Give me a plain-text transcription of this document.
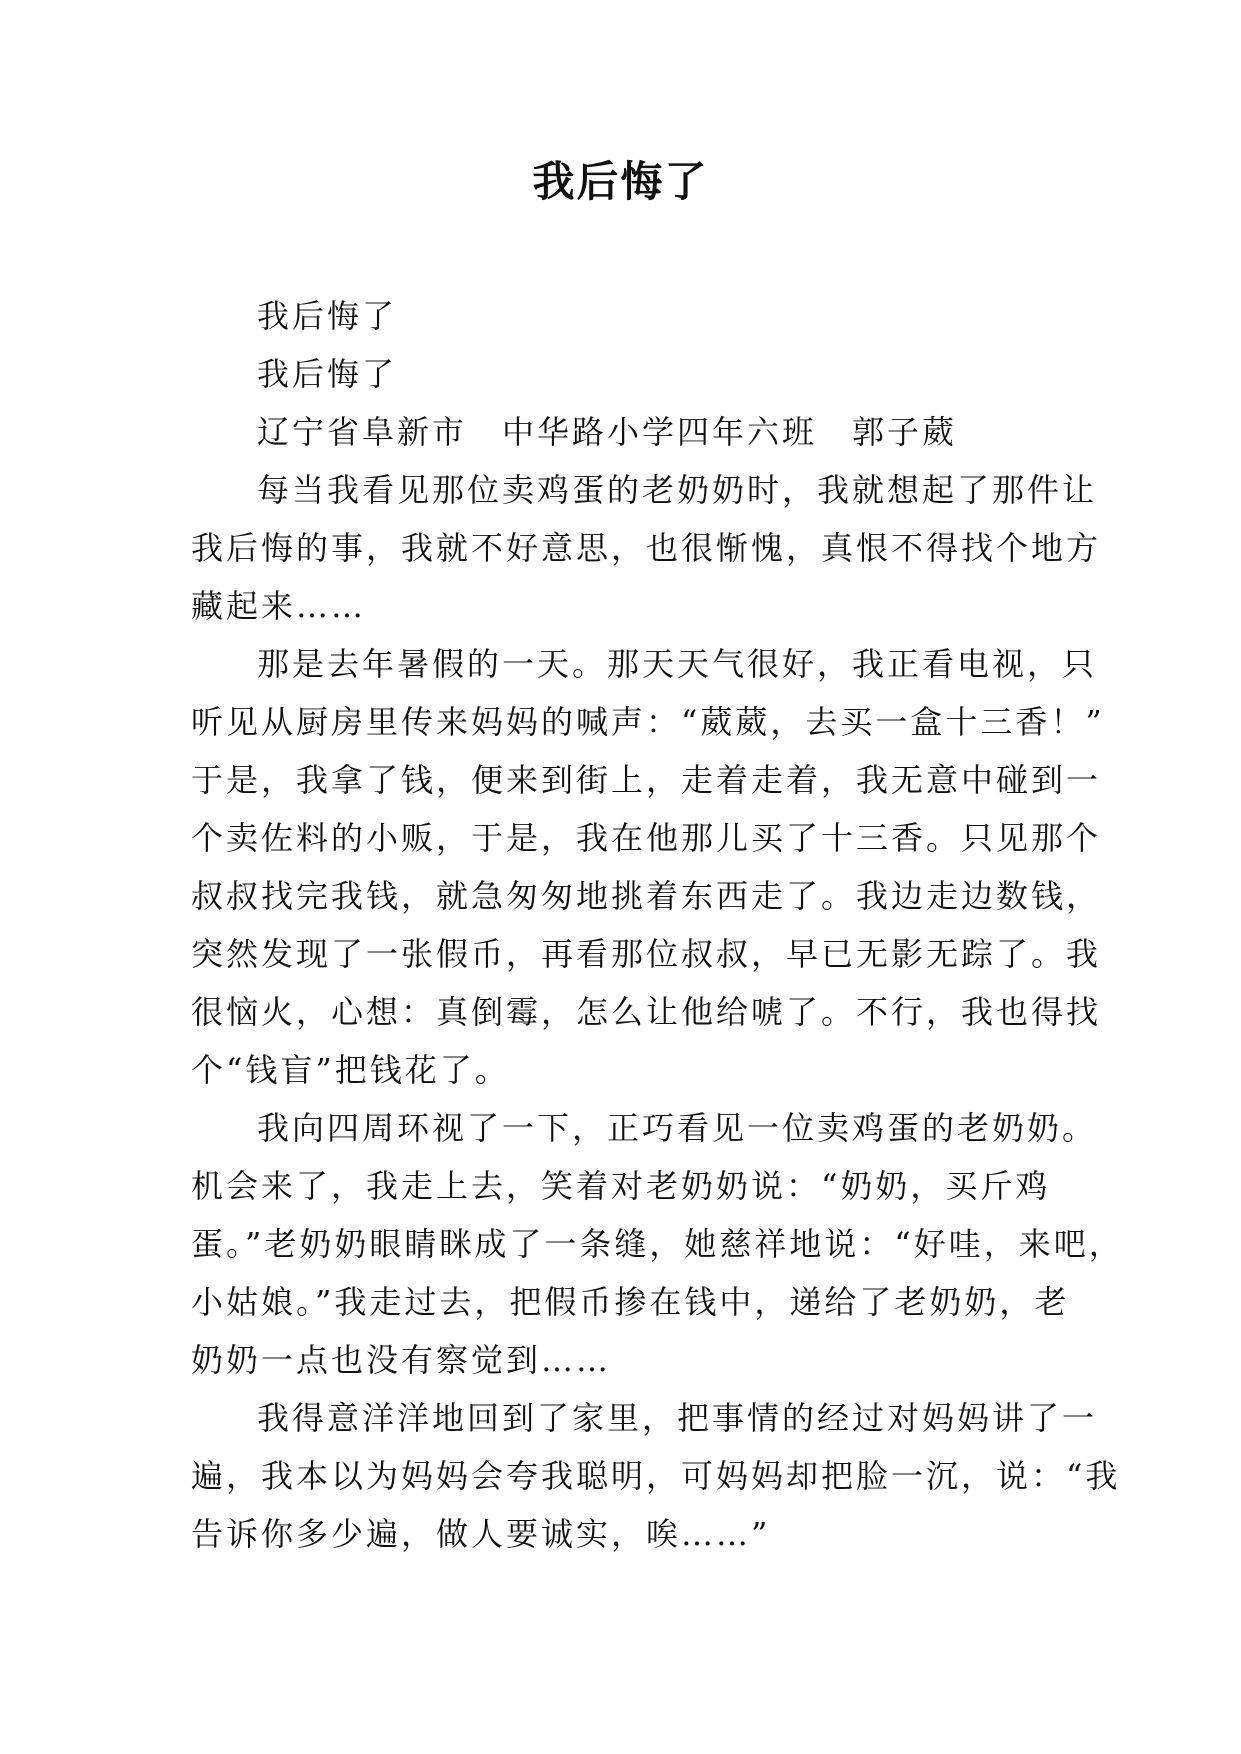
我后悔了

我后悔了

我后悔了

辽宁省阜新市　中华路小学四年六班　郭子葳

每当我看见那位卖鸡蛋的老奶奶时，我就想起了那件让

我后悔的事，我就不好意思，也很惭愧，真恨不得找个地方

藏起来……

那是去年暑假的一天。那天天气很好，我正看电视，只

听见从厨房里传来妈妈的喊声：“葳葳，去买一盒十三香！”

于是，我拿了钱，便来到街上，走着走着，我无意中碰到一

个卖佐料的小贩，于是，我在他那儿买了十三香。只见那个

叔叔找完我钱，就急匆匆地挑着东西走了。我边走边数钱，

突然发现了一张假币，再看那位叔叔，早已无影无踪了。我

很恼火，心想：真倒霉，怎么让他给唬了。不行，我也得找

个“钱盲”把钱花了。

我向四周环视了一下，正巧看见一位卖鸡蛋的老奶奶。

机会来了，我走上去，笑着对老奶奶说：“奶奶，买斤鸡

蛋。”老奶奶眼睛眯成了一条缝，她慈祥地说：“好哇，来吧，

小姑娘。”我走过去，把假币掺在钱中，递给了老奶奶，老

奶奶一点也没有察觉到……

我得意洋洋地回到了家里，把事情的经过对妈妈讲了一

遍，我本以为妈妈会夸我聪明，可妈妈却把脸一沉，说：“我

告诉你多少遍，做人要诚实，唉……”
